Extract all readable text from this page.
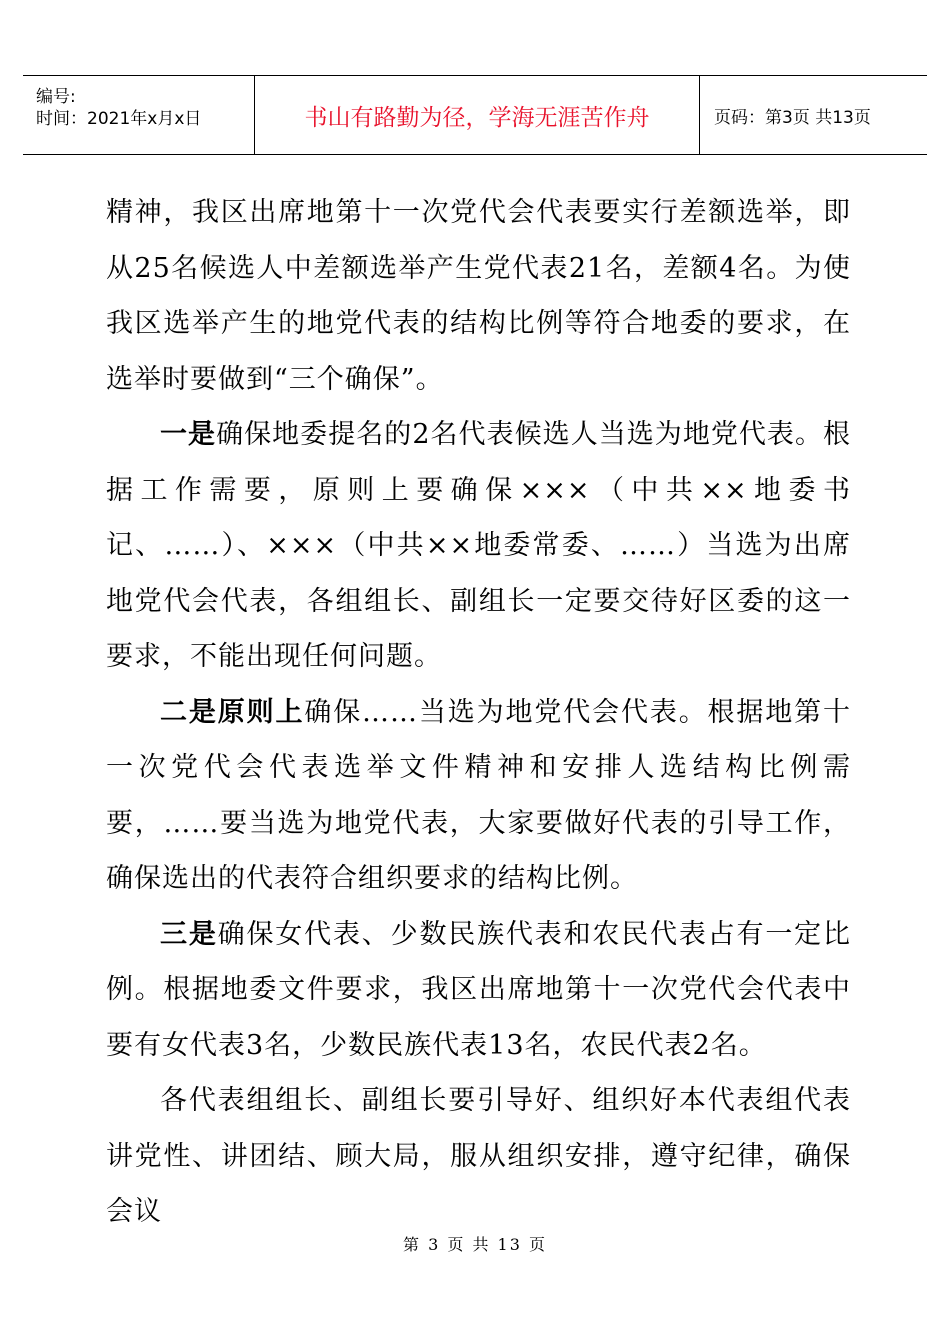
编号:
时间：2021年x月x日	书山有路勤为径，学海无涯苦作舟	页码：第3页 共13页

精神，我区出席地第十一次党代会代表要实行差额选举，即从25名候选人中差额选举产生党代表21名，差额4名。为使我区选举产生的地党代表的结构比例等符合地委的要求，在选举时要做到“三个确保”。

一是确保地委提名的2名代表候选人当选为地党代表。根据工作需要，原则上要确保×××（中共××地委书记、……）、×××（中共××地委常委、……）当选为出席地党代会代表，各组组长、副组长一定要交待好区委的这一要求，不能出现任何问题。

二是原则上确保……当选为地党代会代表。根据地第十一次党代会代表选举文件精神和安排人选结构比例需要，……要当选为地党代表，大家要做好代表的引导工作，确保选出的代表符合组织要求的结构比例。

三是确保女代表、少数民族代表和农民代表占有一定比例。根据地委文件要求，我区出席地第十一次党代会代表中要有女代表3名，少数民族代表13名，农民代表2名。

各代表组组长、副组长要引导好、组织好本代表组代表讲党性、讲团结、顾大局，服从组织安排，遵守纪律，确保会议

第 3 页 共 13 页
